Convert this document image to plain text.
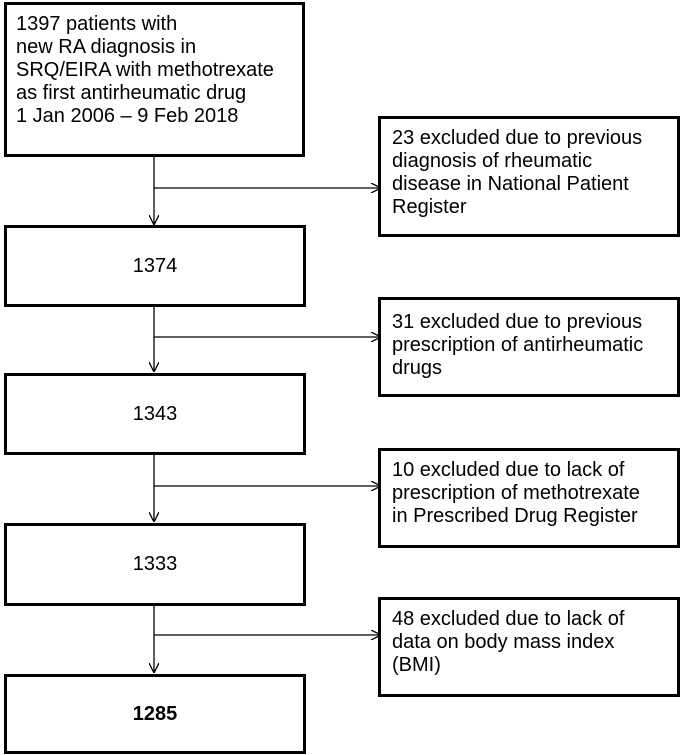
1397 patients with
new RA diagnosis in
SRQ/EIRA with methotrexate
as first antirheumatic drug
1 Jan 2006 – 9 Feb 2018
23 excluded due to previous
diagnosis of rheumatic
disease in National Patient
Register
1374
31 excluded due to previous
prescription of antirheumatic
drugs
1343
10 excluded due to lack of
prescription of methotrexate
in Prescribed Drug Register
1333
48 excluded due to lack of
data on body mass index
(BMI)
1285
